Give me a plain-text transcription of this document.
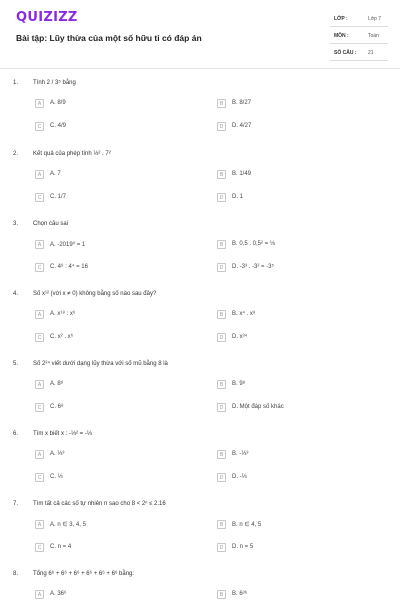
QUIZIZZ
Bài tập: Lũy thừa của một số hữu tỉ có đáp án
LỚP :	Lớp 7
MÔN :	Toán
SỐ CÂU : 21
1. Tính 2 / 3⁵ bằng
A	A. 8/9	B	B. 8/27
C	C. 4/9	D	D. 4/27
2. Kết quả của phép tính ⅓² . 7²
A	A. 7	B	B. 1/49
C	C. 1/7	D	D. 1
3. Chọn câu sai
A	A. -2019⁰ = 1	B	B. 0,5 . 0,5² = ⅛
C	C. 4⁸ : 4⁴ = 16	D	D. -3³ . -3² = -3⁵
4. Số x¹² (với x ≠ 0) không bằng số nào sau đây?
A	A. x¹⁸ : x⁶	B	B. x⁴ . x⁸
C	C. x² . x⁶	D	D. x³⁴
5. Số 2²⁴ viết dưới dạng lũy thừa với số mũ bằng 8 là
A	A. 8⁸	B	B. 9⁸
C	C. 6⁸	D	D. Một đáp số khác
6. Tìm x biết x : -⅓² = -⅓
A	A. ⅓³	B	B. -⅓³
C	C. ⅓	D	D. -⅓
7. Tìm tất cả các số tự nhiên n sao cho 8 < 2ⁿ ≤ 2.16
A	A. n ∈ 3, 4, 5	B	B. n ∈ 4, 5
C	C. n = 4	D	D. n = 5
8. Tổng 6⁶ + 6⁶ + 6⁶ + 6⁶ + 6⁶ + 6⁶ bằng:
A	A. 36⁶	B	B. 6³⁶
